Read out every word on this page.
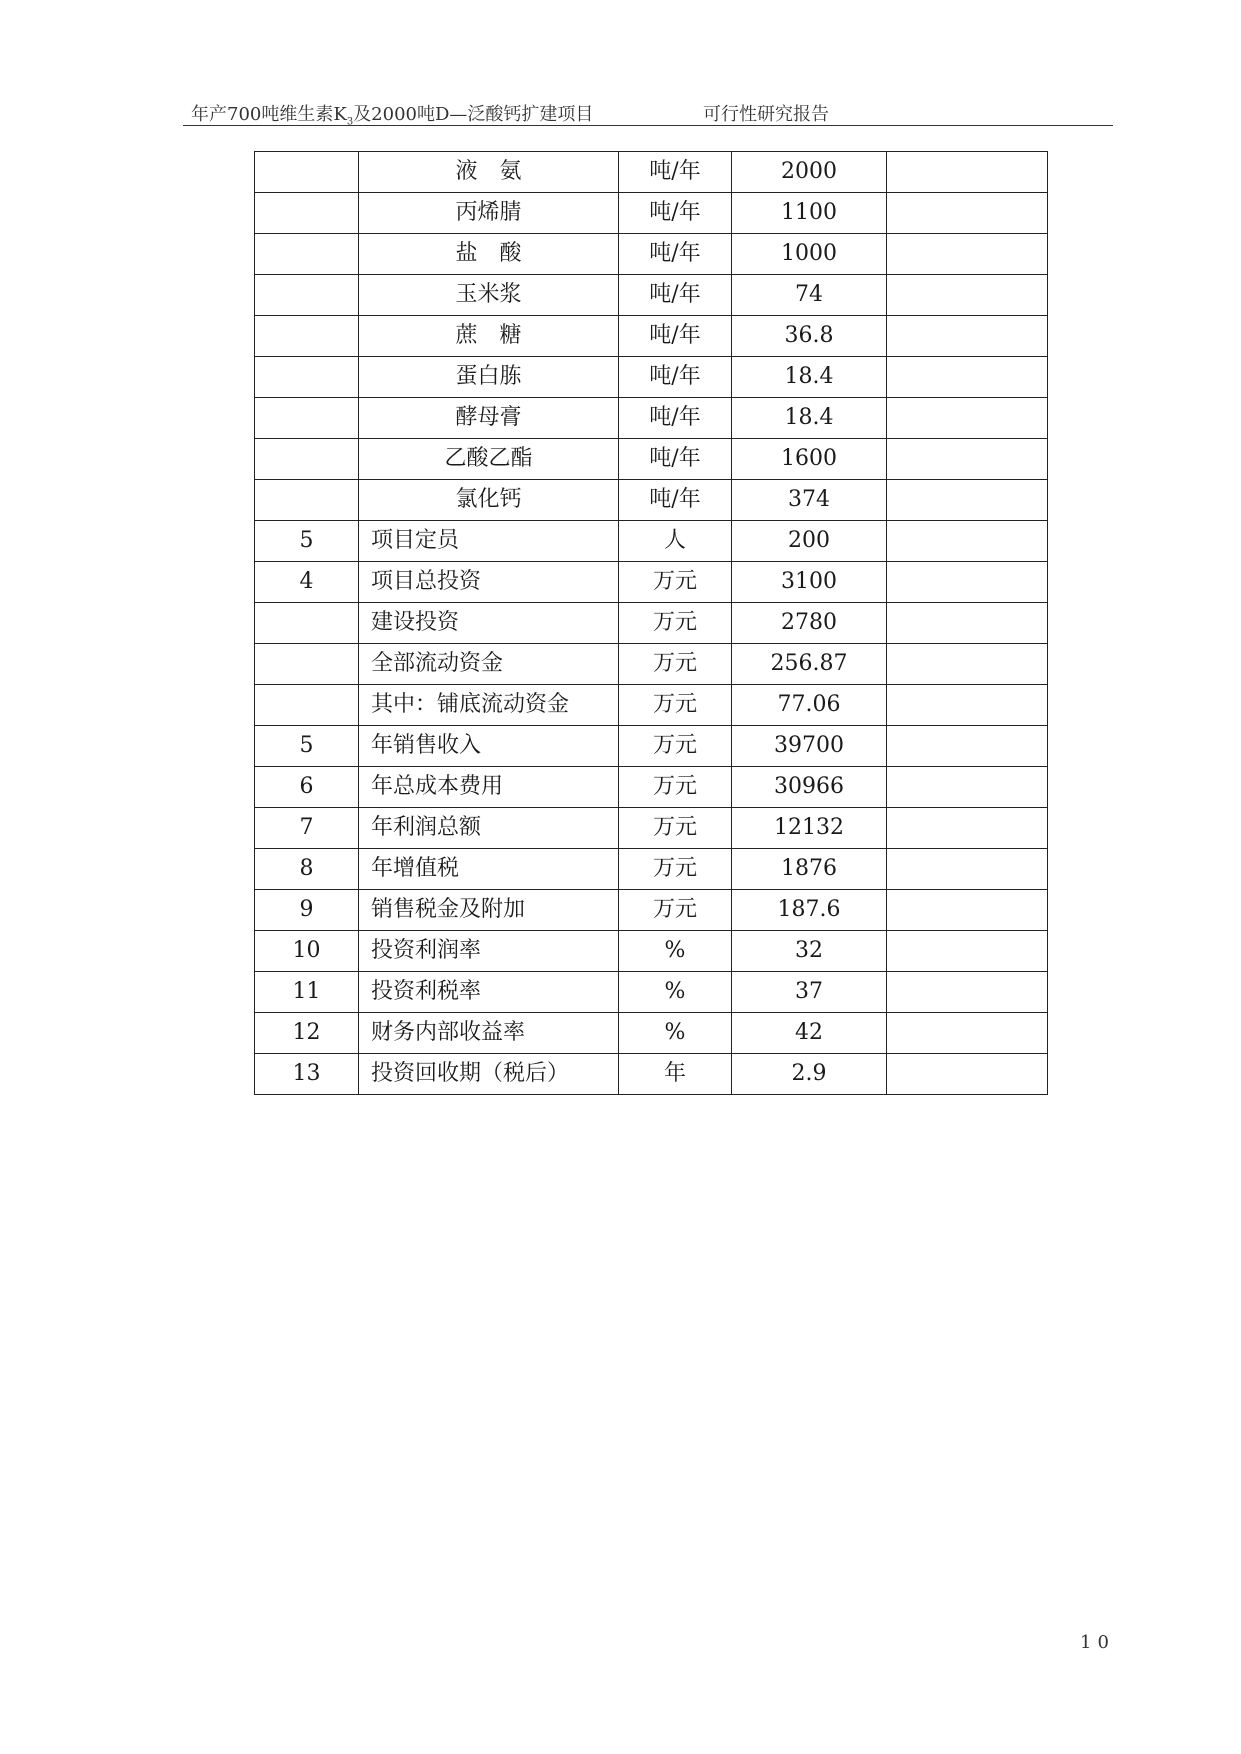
年产700吨维生素$K_3$及2000吨D—泛酸钙扩建项目	可行性研究报告
	液　氨	吨/年	2000	
	丙烯腈	吨/年	1100	
	盐　酸	吨/年	1000	
	玉米浆	吨/年	74	
	蔗　糖	吨/年	36.8	
	蛋白胨	吨/年	18.4	
	酵母膏	吨/年	18.4	
	乙酸乙酯	吨/年	1600	
	氯化钙	吨/年	374	
5	项目定员	人	200	
4	项目总投资	万元	3100	
	建设投资	万元	2780	
	全部流动资金	万元	256.87	
	其中：铺底流动资金	万元	77.06	
5	年销售收入	万元	39700	
6	年总成本费用	万元	30966	
7	年利润总额	万元	12132	
8	年增值税	万元	1876	
9	销售税金及附加	万元	187.6	
10	投资利润率	%	32	
11	投资利税率	%	37	
12	财务内部收益率	%	42	
13	投资回收期（税后）	年	2.9	
10
